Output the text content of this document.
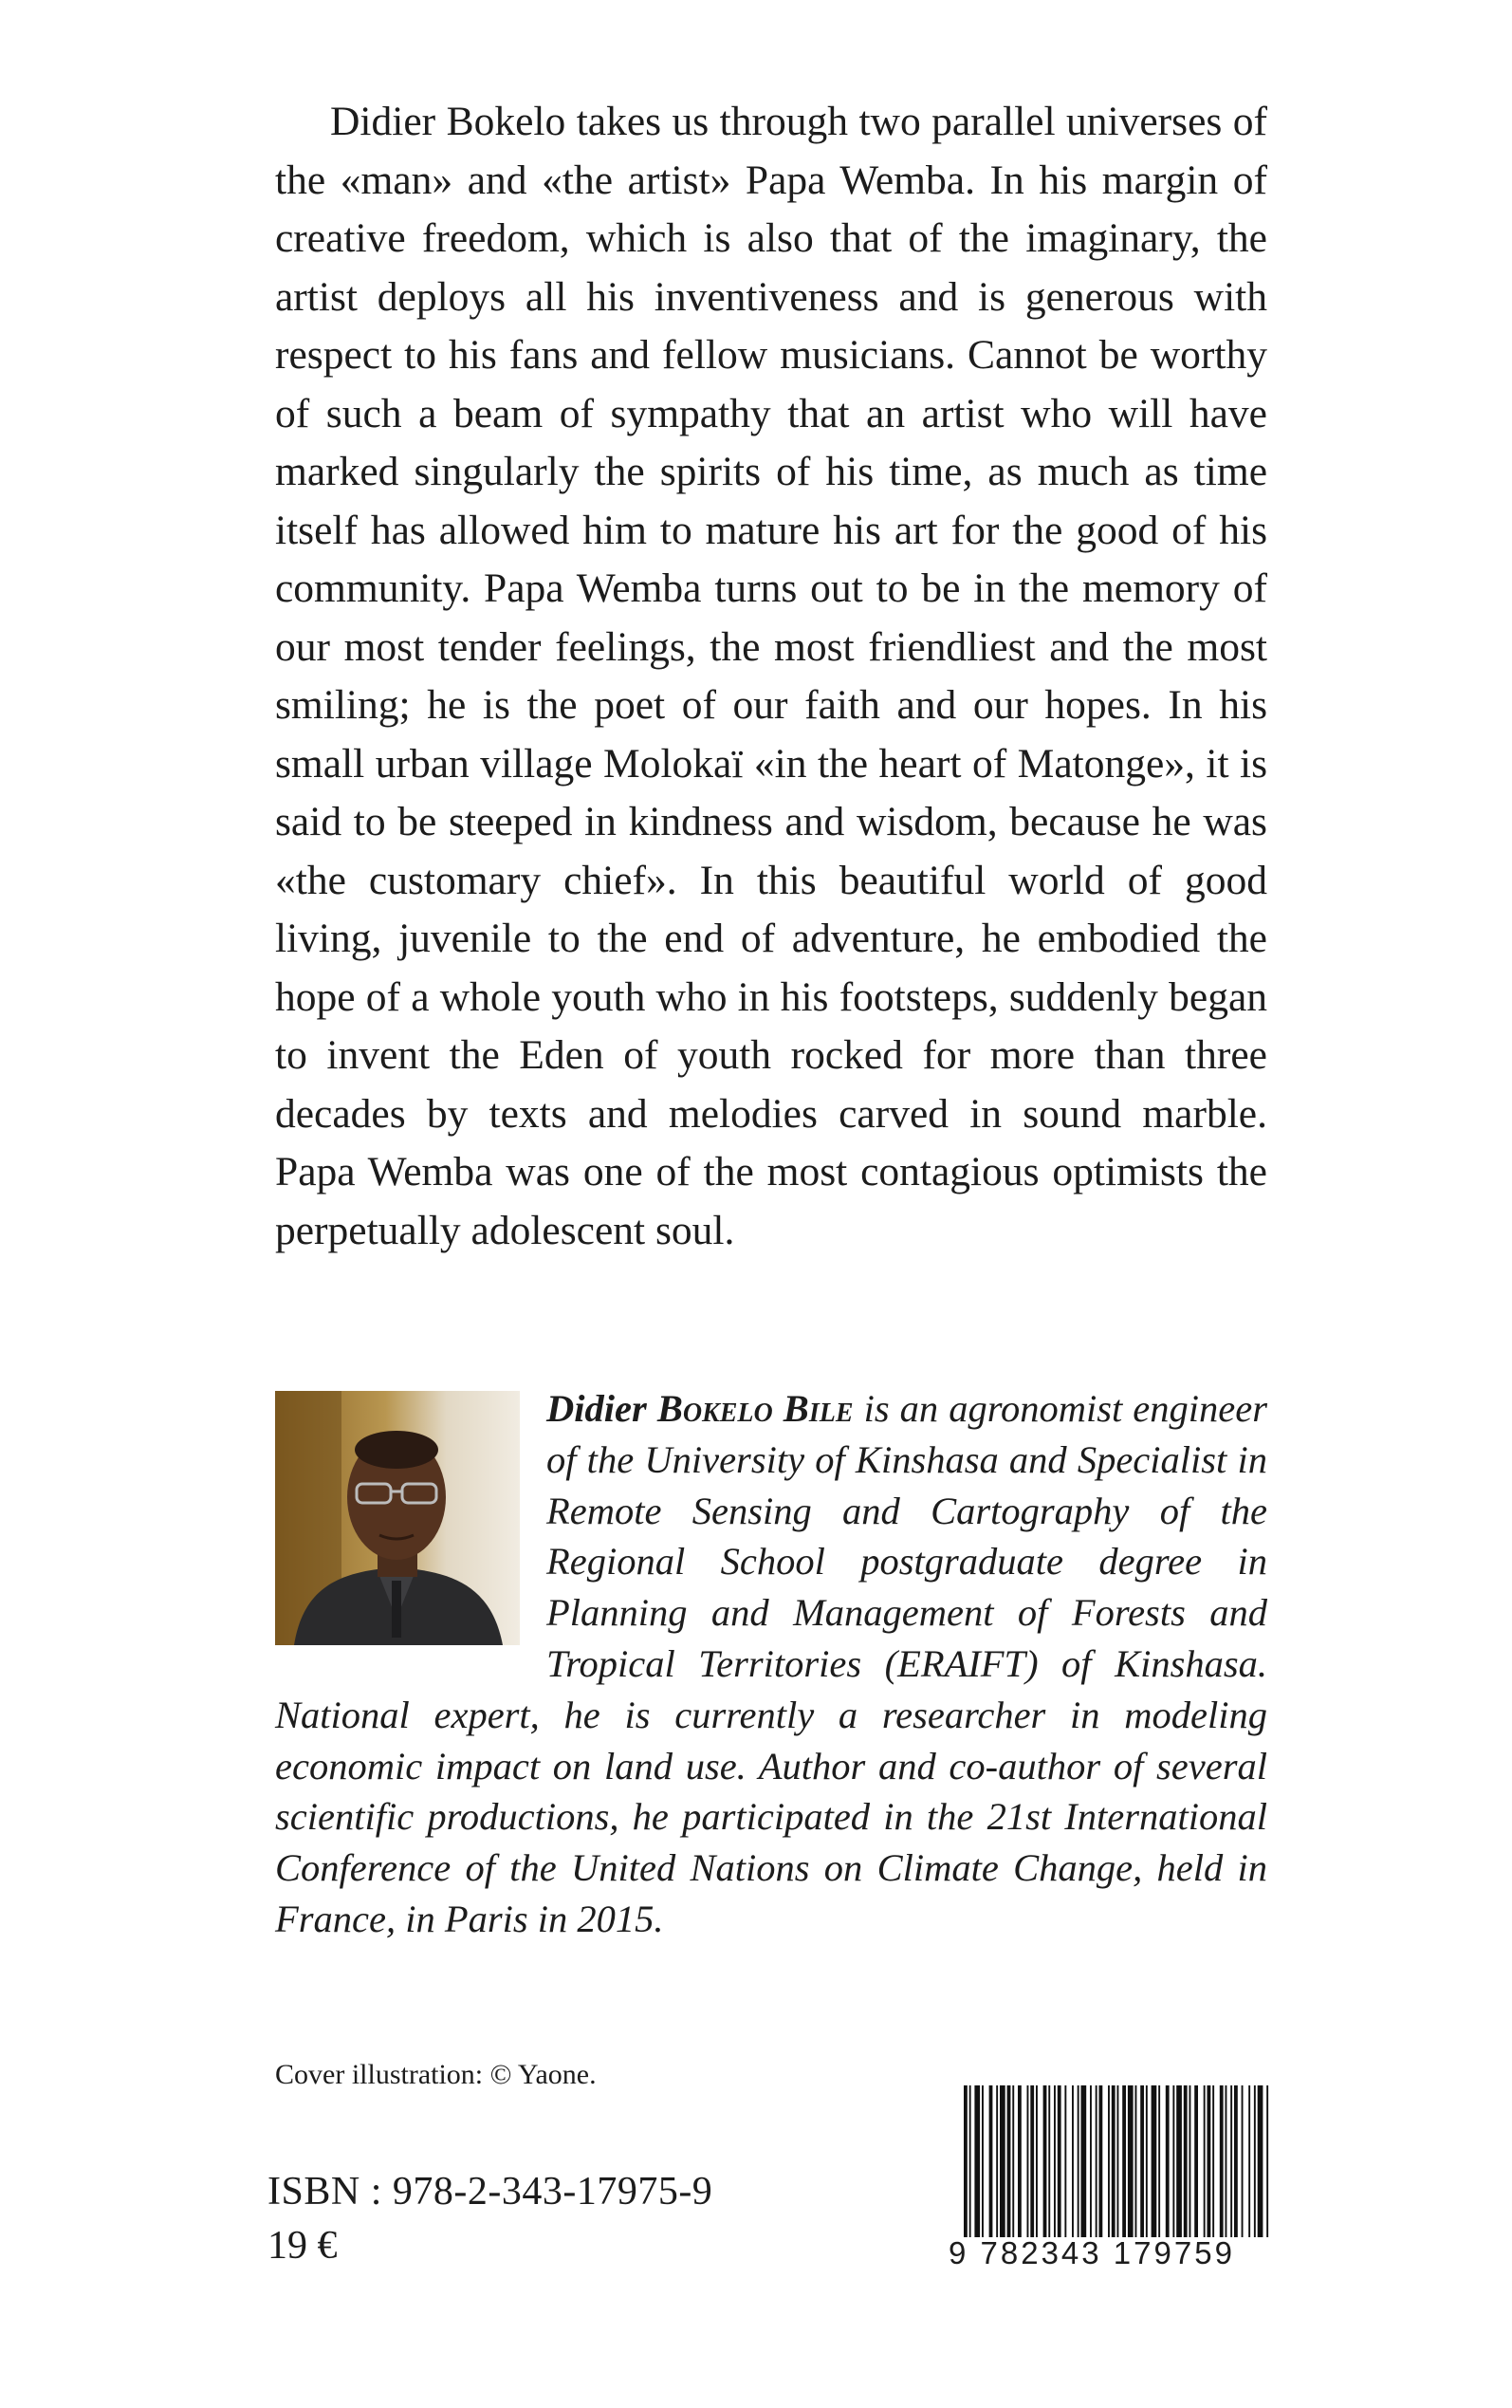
Didier Bokelo takes us through two parallel universes of the «man» and «the artist» Papa Wemba. In his margin of creative freedom, which is also that of the imaginary, the artist deploys all his inventiveness and is generous with respect to his fans and fellow musicians. Cannot be worthy of such a beam of sympathy that an artist who will have marked singularly the spirits of his time, as much as time itself has allowed him to mature his art for the good of his community. Papa Wemba turns out to be in the memory of our most tender feelings, the most friendliest and the most smiling; he is the poet of our faith and our hopes. In his small urban village Molokaï «in the heart of Matonge», it is said to be steeped in kindness and wisdom, because he was «the customary chief». In this beautiful world of good living, juvenile to the end of adventure, he embodied the hope of a whole youth who in his footsteps, suddenly began to invent the Eden of youth rocked for more than three decades by texts and melodies carved in sound marble. Papa Wemba was one of the most contagious optimists the perpetually adolescent soul.

Didier Bokelo Bile is an agronomist engineer of the University of Kinshasa and Specialist in Remote Sensing and Cartography of the Regional School postgraduate degree in Planning and Management of Forests and Tropical Territories (ERAIFT) of Kinshasa. National expert, he is currently a researcher in modeling economic impact on land use. Author and co-author of several scientific productions, he participated in the 21st International Conference of the United Nations on Climate Change, held in France, in Paris in 2015.

Cover illustration: © Yaone.

ISBN : 978-2-343-17975-9

19 €	9 782343 179759
